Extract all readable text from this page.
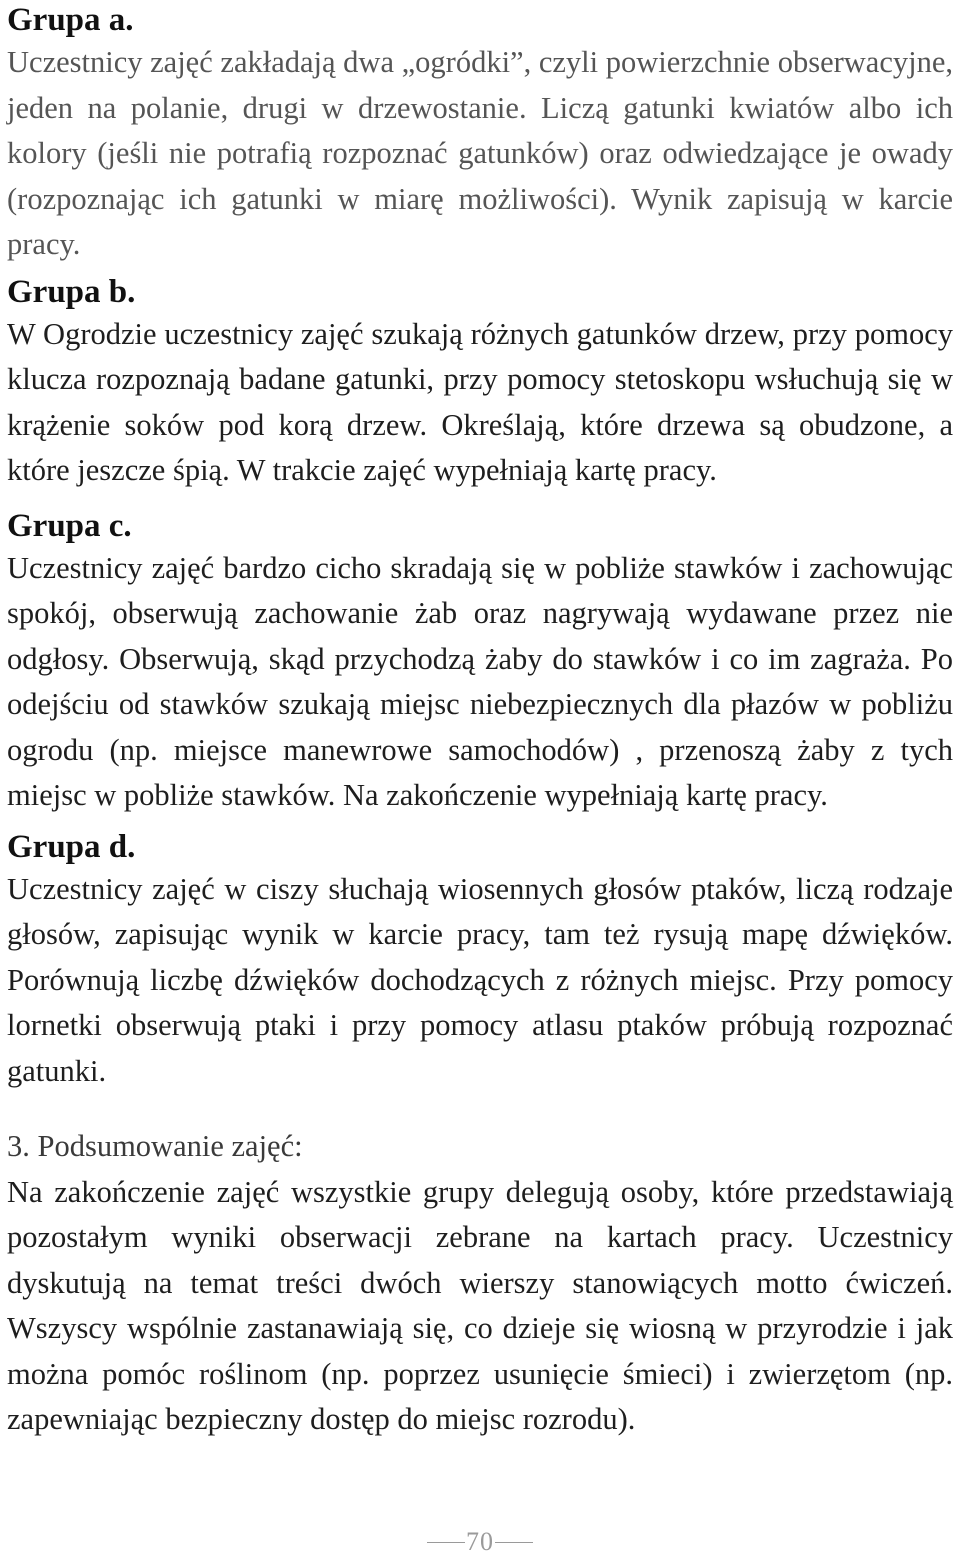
Grupa a.

Uczestnicy zajęć zakładają dwa „ogródki”, czyli powierzchnie obserwacyjne, jeden na polanie, drugi w drzewostanie. Liczą gatunki kwiatów albo ich kolory (jeśli nie potrafią rozpoznać gatunków) oraz odwiedzające je owady (rozpoznając ich gatunki w miarę możliwości). Wynik zapisują w karcie pracy.

Grupa b.

W Ogrodzie uczestnicy zajęć szukają różnych gatunków drzew, przy pomocy klucza rozpoznają badane gatunki, przy pomocy stetoskopu wsłuchują się w krążenie soków pod korą drzew. Określają, które drzewa są obudzone, a które jeszcze śpią. W trakcie zajęć wypełniają kartę pracy.

Grupa c.

Uczestnicy zajęć bardzo cicho skradają się w pobliże stawków i zachowując spokój, obserwują zachowanie żab oraz nagrywają wydawane przez nie odgłosy. Obserwują, skąd przychodzą żaby do stawków i co im zagraża. Po odejściu od stawków szukają miejsc niebezpiecznych dla płazów w pobliżu ogrodu (np. miejsce manewrowe samochodów) , przenoszą żaby z tych miejsc w pobliże stawków. Na zakończenie wypełniają kartę pracy.

Grupa d.

Uczestnicy zajęć w ciszy słuchają wiosennych głosów ptaków, liczą rodzaje głosów, zapisując wynik w karcie pracy, tam też rysują mapę dźwięków. Porównują liczbę dźwięków dochodzących z różnych miejsc. Przy pomocy lornetki obserwują ptaki i przy pomocy atlasu ptaków próbują rozpoznać gatunki.

3. Podsumowanie zajęć:

Na zakończenie zajęć wszystkie grupy delegują osoby, które przedstawiają pozostałym wyniki obserwacji zebrane na kartach pracy. Uczestnicy dyskutują na temat treści dwóch wierszy stanowiących motto ćwiczeń. Wszyscy wspólnie zastanawiają się, co dzieje się wiosną w przyrodzie i jak można pomóc roślinom (np. poprzez usunięcie śmieci) i zwierzętom (np. zapewniając bezpieczny dostęp do miejsc rozrodu).

70
